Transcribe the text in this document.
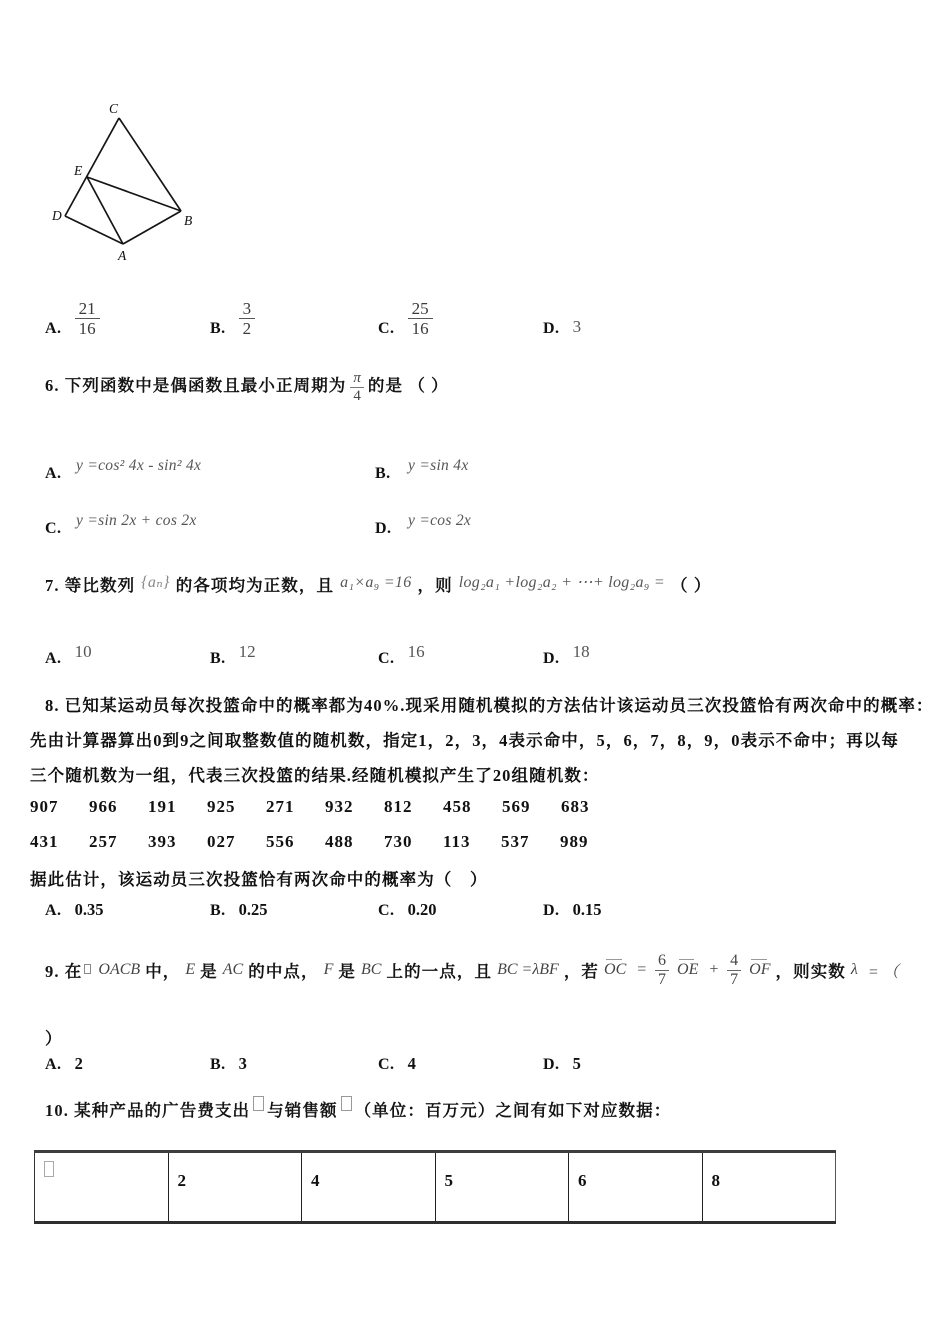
C
E
D	B
A
A. $\frac{21}{16}$	B. $\frac{3}{2}$	C. $\frac{25}{16}$	D. 3
6. 下列函数中是偶函数且最小正周期为 $\frac{\pi}{4}$ 的是 （ ）
A. y =cos² 4x - sin² 4x	B. y =sin 4x
C. y =sin 2x + cos 2x	D. y =cos 2x
7. 等比数列 {aₙ} 的各项均为正数，且 a₁×a₉ =16 ，则 log₂a₁ +log₂a₂ + ⋯+ log₂a₉ = （ ）
A. 10	B. 12	C. 16	D. 18
8. 已知某运动员每次投篮命中的概率都为40%.现采用随机模拟的方法估计该运动员三次投篮恰有两次命中的概率：
先由计算器算出0到9之间取整数值的随机数，指定1，2，3，4表示命中，5，6，7，8，9，0表示不命中；再以每
三个随机数为一组，代表三次投篮的结果.经随机模拟产生了20组随机数：
907  966  191  925  271  932  812  458  569  683
431  257  393  027  556  488  730  113  537  989
据此估计，该运动员三次投篮恰有两次命中的概率为（　）
A. 0.35	B. 0.25	C. 0.20	D. 0.15
9. 在 OACB 中， E 是 AC 的中点， F 是 BC 上的一点，且 BC =λBF ，若 OC = $\frac{6}{7}$ OE + $\frac{4}{7}$ OF ，则实数 λ = （
）
A. 2	B. 3	C. 4	D. 5
10. 某种产品的广告费支出 与销售额 （单位：百万元）之间有如下对应数据：
	2	4	5	6	8
